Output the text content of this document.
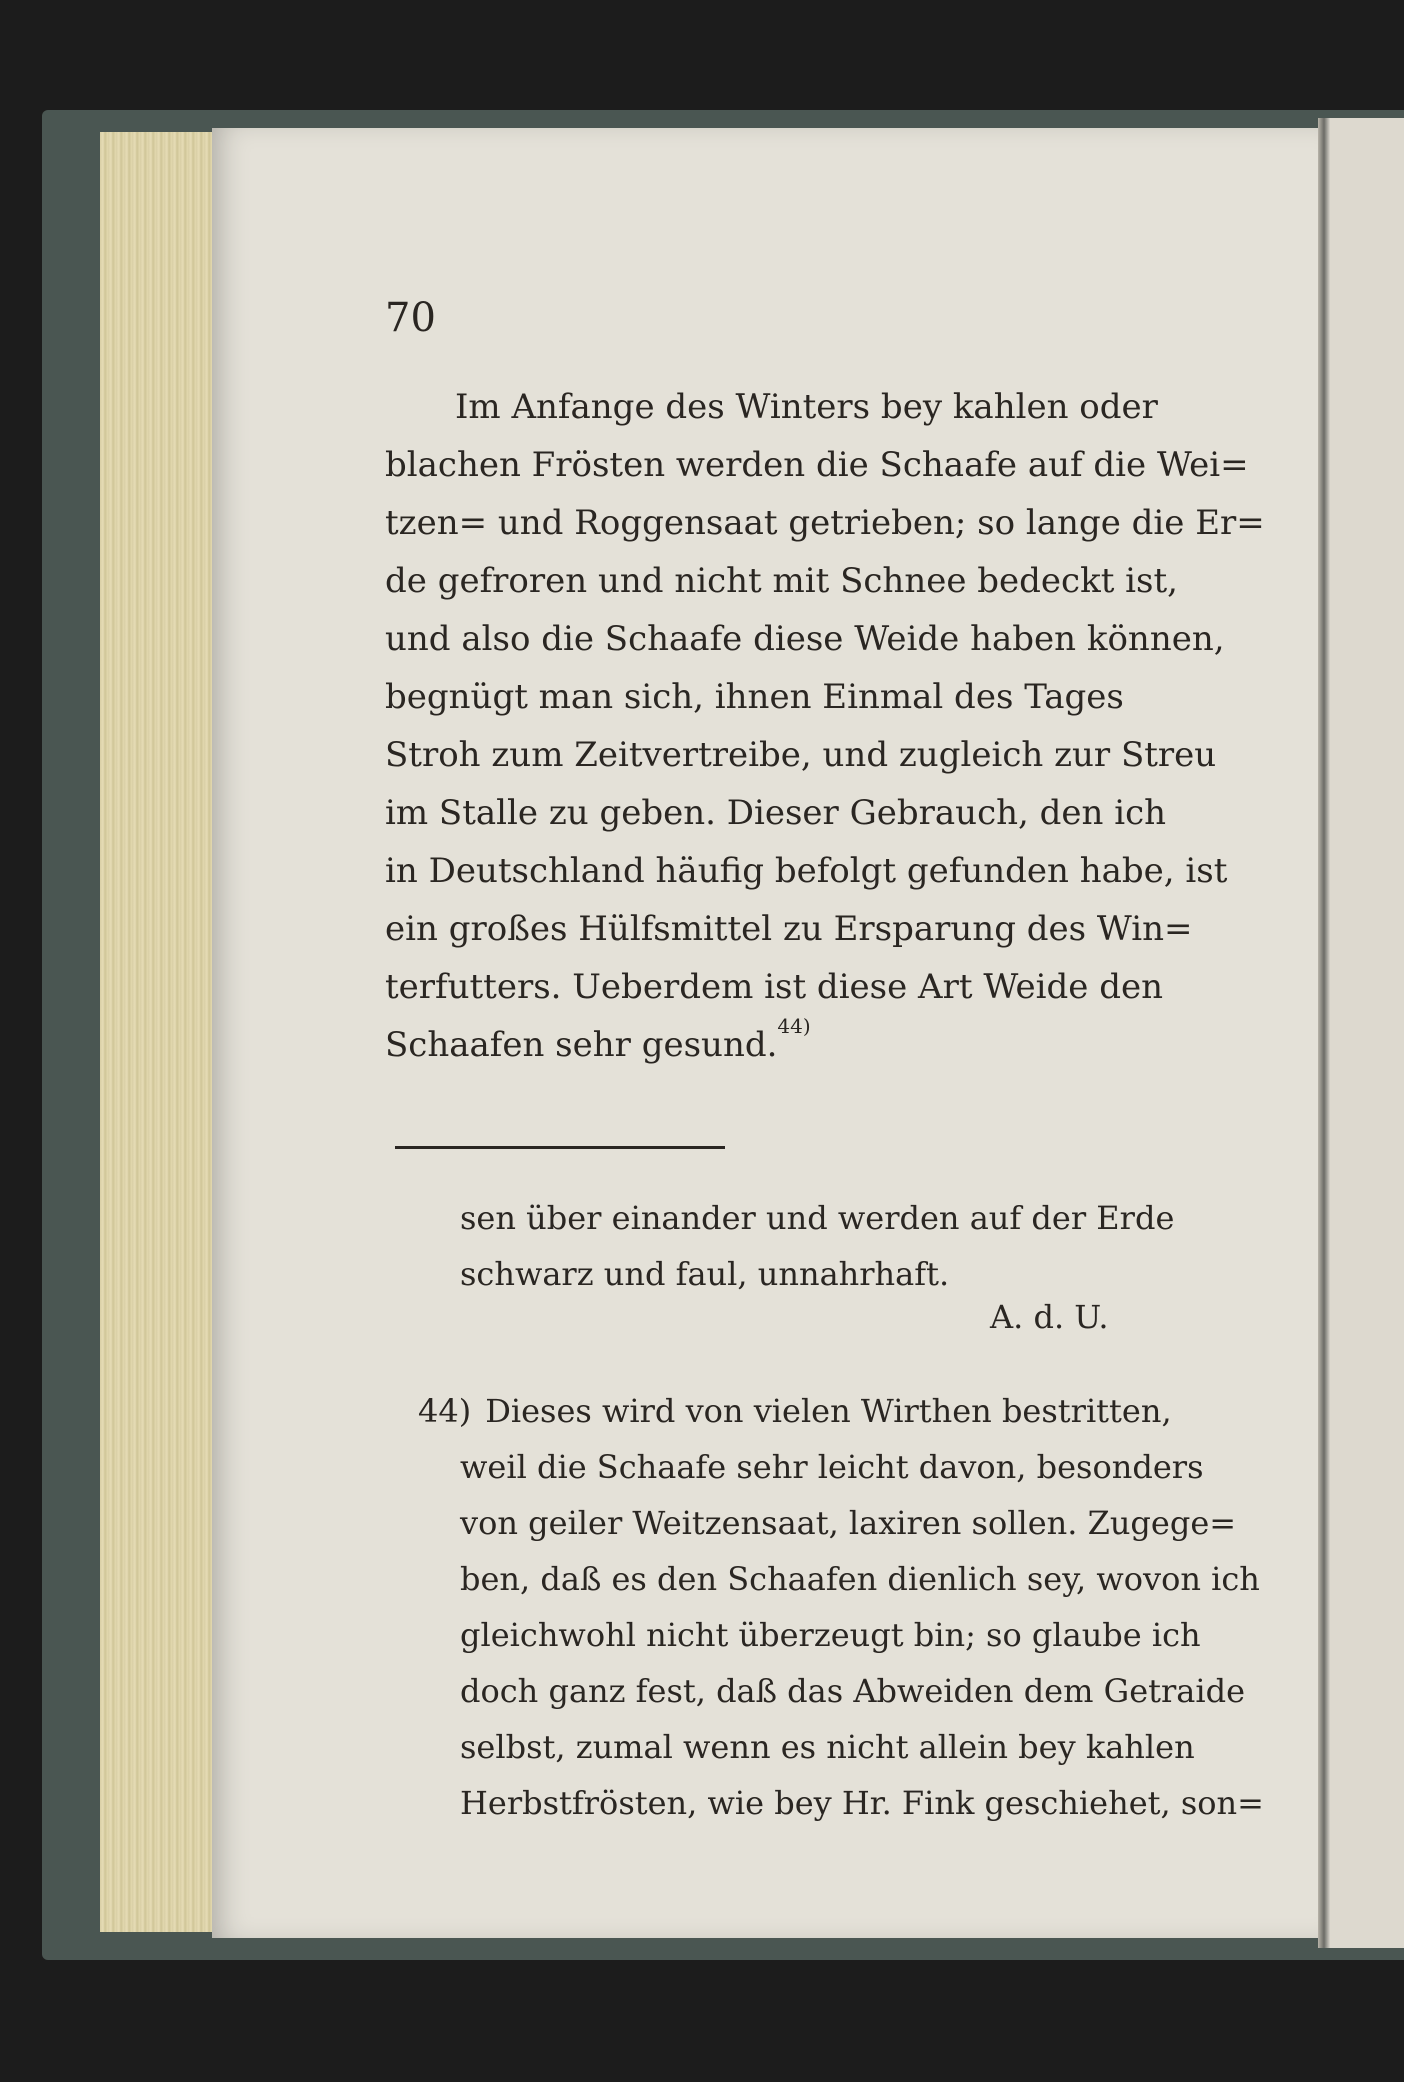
70
Im Anfange des Winters bey kahlen oder
blachen Frösten werden die Schaafe auf die Wei=
tzen= und Roggensaat getrieben; so lange die Er=
de gefroren und nicht mit Schnee bedeckt ist,
und also die Schaafe diese Weide haben können,
begnügt man sich, ihnen Einmal des Tages
Stroh zum Zeitvertreibe, und zugleich zur Streu
im Stalle zu geben. Dieser Gebrauch, den ich
in Deutschland häufig befolgt gefunden habe, ist
ein großes Hülfsmittel zu Ersparung des Win=
terfutters. Ueberdem ist diese Art Weide den
Schaafen sehr gesund. 44)
sen über einander und werden auf der Erde
schwarz und faul, unnahrhaft.
A. d. U.
44) Dieses wird von vielen Wirthen bestritten,
weil die Schaafe sehr leicht davon, besonders
von geiler Weitzensaat, laxiren sollen. Zugege=
ben, daß es den Schaafen dienlich sey, wovon ich
gleichwohl nicht überzeugt bin; so glaube ich
doch ganz fest, daß das Abweiden dem Getraide
selbst, zumal wenn es nicht allein bey kahlen
Herbstfrösten, wie bey Hr. Fink geschiehet, son=
